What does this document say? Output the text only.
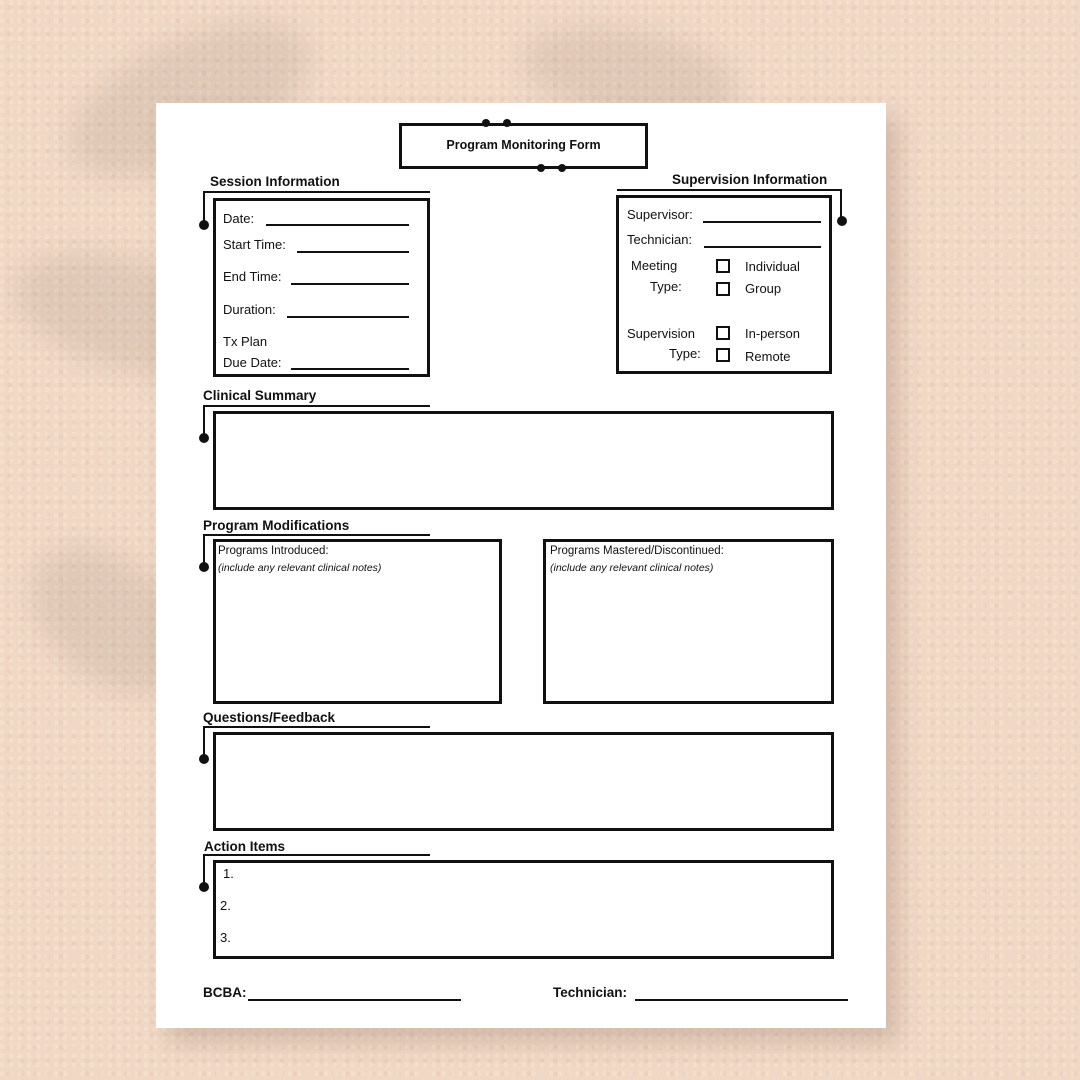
Program Monitoring Form
Session Information
Date:
Start Time:
End Time:
Duration:
Tx Plan
Due Date:
Supervision Information
Supervisor:
Technician:
Meeting
Type:
Individual
Group
Supervision
Type:
In-person
Remote
Clinical Summary
Program Modifications
Programs Introduced:
(include any relevant clinical notes)
Programs Mastered/Discontinued:
(include any relevant clinical notes)
Questions/Feedback
Action Items
1.
2.
3.
BCBA:	Technician:
